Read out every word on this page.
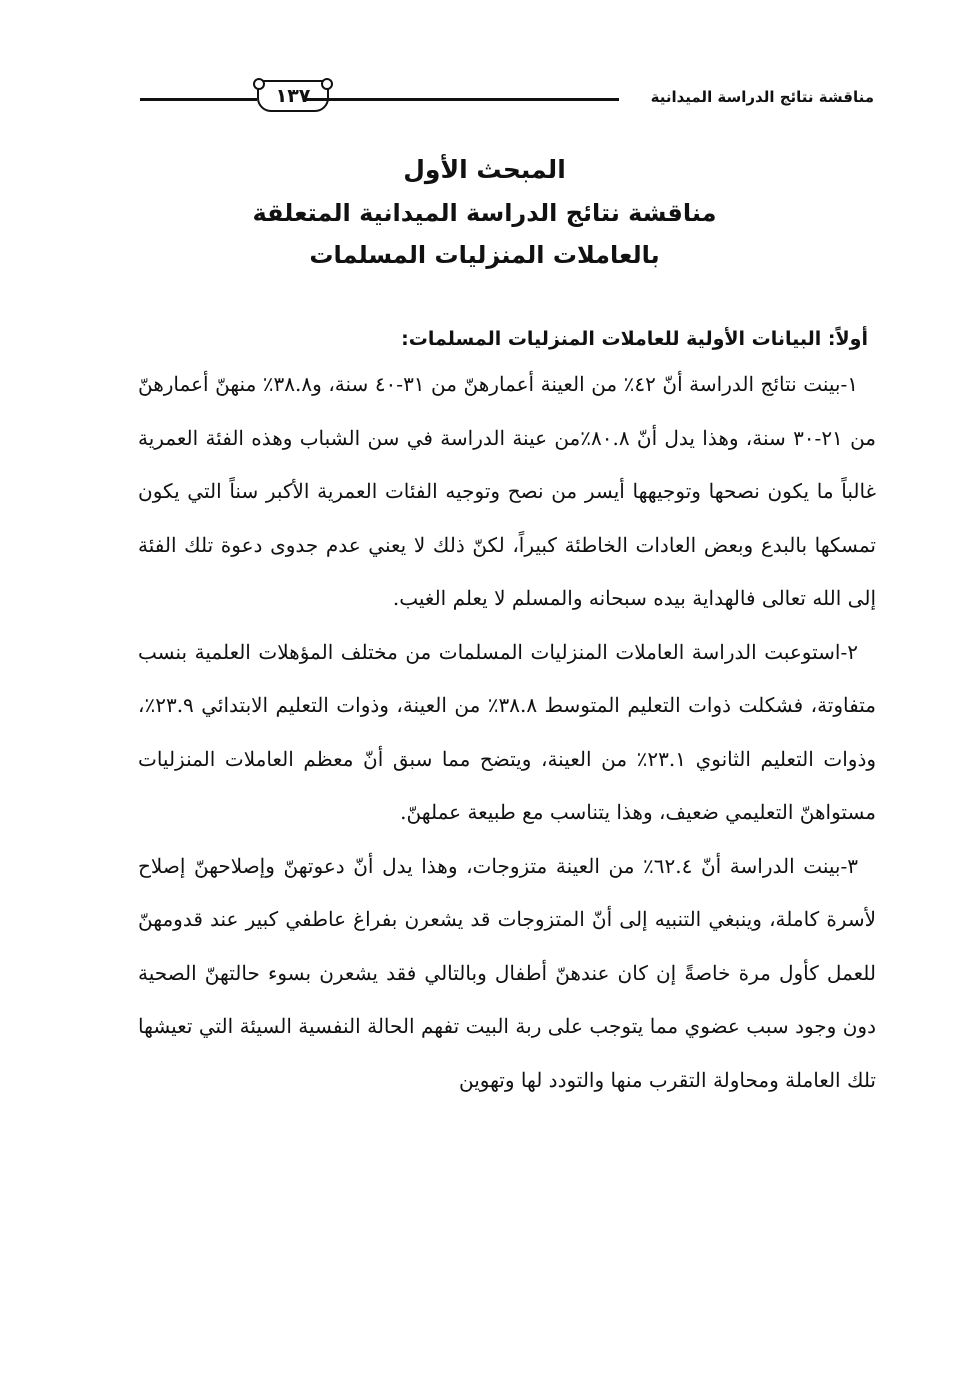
مناقشة نتائج الدراسة الميدانية
١٣٧

المبحث الأول

مناقشة نتائج الدراسة الميدانية المتعلقة

بالعاملات المنزليات المسلمات

أولاً: البيانات الأولية للعاملات المنزليات المسلمات:

١-بينت نتائج الدراسة أنّ ٤٢٪ من العينة أعمارهنّ من ٣١-٤٠ سنة، و٣٨.٨٪ منهنّ أعمارهنّ من ٢١-٣٠ سنة، وهذا يدل أنّ ٨٠.٨٪من عينة الدراسة في سن الشباب وهذه الفئة العمرية غالباً ما يكون نصحها وتوجيهها أيسر من نصح وتوجيه الفئات العمرية الأكبر سناً التي يكون تمسكها بالبدع وبعض العادات الخاطئة كبيراً، لكنّ ذلك لا يعني عدم جدوى دعوة تلك الفئة إلى الله تعالى فالهداية بيده سبحانه والمسلم لا يعلم الغيب.

٢-استوعبت الدراسة العاملات المنزليات المسلمات من مختلف المؤهلات العلمية بنسب متفاوتة، فشكلت ذوات التعليم المتوسط ٣٨.٨٪ من العينة، وذوات التعليم الابتدائي ٢٣.٩٪، وذوات التعليم الثانوي ٢٣.١٪ من العينة، ويتضح مما سبق أنّ معظم العاملات المنزليات مستواهنّ التعليمي ضعيف، وهذا يتناسب مع طبيعة عملهنّ.

٣-بينت الدراسة أنّ ٦٢.٤٪ من العينة متزوجات، وهذا يدل أنّ دعوتهنّ وإصلاحهنّ إصلاح لأسرة كاملة، وينبغي التنبيه إلى أنّ المتزوجات قد يشعرن بفراغ عاطفي كبير عند قدومهنّ للعمل كأول مرة خاصةً إن كان عندهنّ أطفال وبالتالي فقد يشعرن بسوء حالتهنّ الصحية دون وجود سبب عضوي مما يتوجب على ربة البيت تفهم الحالة النفسية السيئة التي تعيشها تلك العاملة ومحاولة التقرب منها والتودد لها وتهوين
